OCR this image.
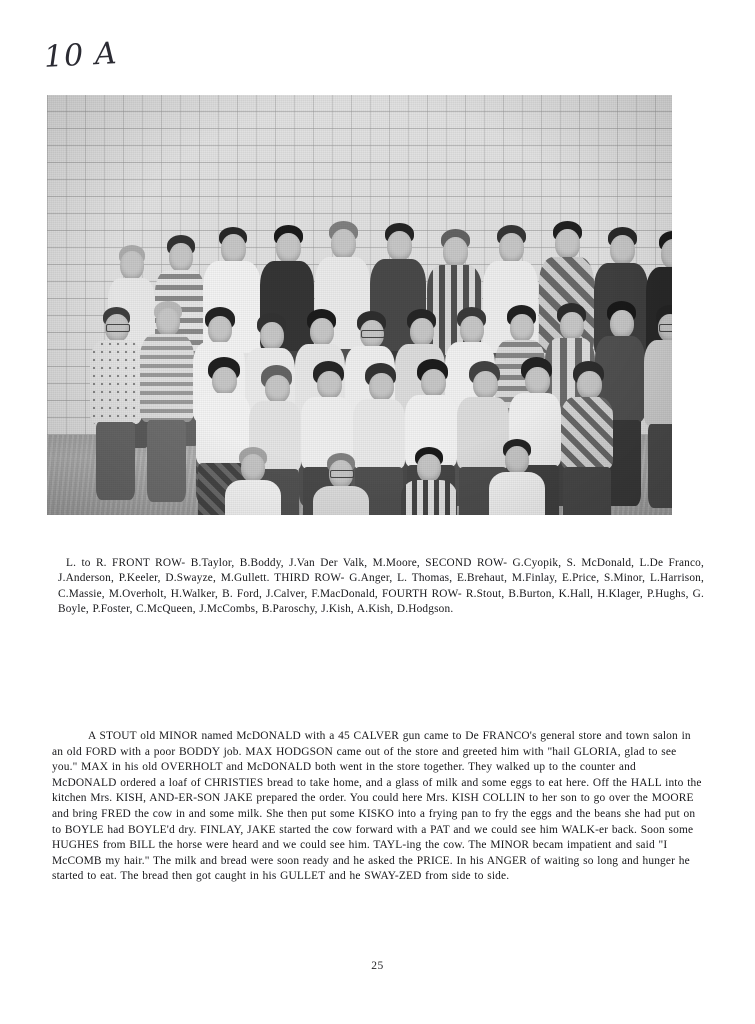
10 A
L. to R. FRONT ROW- B.Taylor, B.Boddy, J.Van Der Valk, M.Moore, SECOND ROW- G.Cyopik, S. McDonald, L.De Franco, J.Anderson, P.Keeler, D.Swayze, M.Gullett. THIRD ROW- G.Anger, L. Thomas, E.Brehaut, M.Finlay, E.Price, S.Minor, L.Harrison, C.Massie, M.Overholt, H.Walker, B. Ford, J.Calver, F.MacDonald, FOURTH ROW- R.Stout, B.Burton, K.Hall, H.Klager, P.Hughs, G. Boyle, P.Foster, C.McQueen, J.McCombs, B.Paroschy, J.Kish, A.Kish, D.Hodgson.
A STOUT old MINOR named McDONALD with a 45 CALVER gun came to De FRANCO's general store and town salon in an old FORD with a poor BODDY job. MAX HODGSON came out of the store and greeted him with "hail GLORIA, glad to see you." MAX in his old OVERHOLT and McDONALD both went in the store together. They walked up to the counter and McDONALD ordered a loaf of CHRISTIES bread to take home, and a glass of milk and some eggs to eat here. Off the HALL into the kitchen Mrs. KISH, AND-ER-SON JAKE prepared the order. You could here Mrs. KISH COLLIN to her son to go over the MOORE and bring FRED the cow in and some milk. She then put some KISKO into a frying pan to fry the eggs and the beans she had put on to BOYLE had BOYLE'd dry. FINLAY, JAKE started the cow forward with a PAT and we could see him WALK-er back. Soon some HUGHES from BILL the horse were heard and we could see him. TAYL-ing the cow. The MINOR becam impatient and said "I McCOMB my hair." The milk and bread were soon ready and he asked the PRICE. In his ANGER of waiting so long and hunger he started to eat. The bread then got caught in his GULLET and he SWAY-ZED from side to side.
25
